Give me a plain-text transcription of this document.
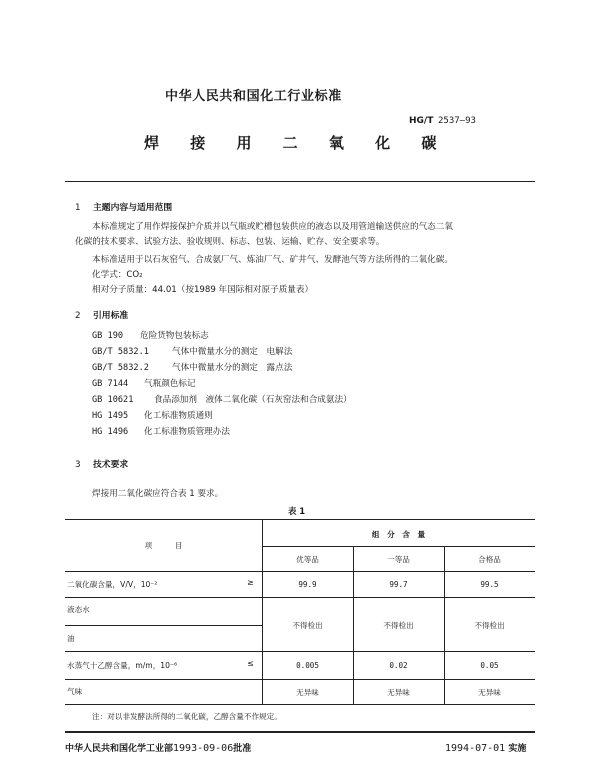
中华人民共和国化工行业标准
HG/T 2537—93
焊 接 用 二 氧 化 碳
1 主题内容与适用范围
本标准规定了用作焊接保护介质并以气瓶或贮槽包装供应的液态以及用管道输送供应的气态二氧
化碳的技术要求、试验方法、验收规则、标志、包装、运输、贮存、安全要求等。
本标准适用于以石灰窑气、合成氨厂气、炼油厂气、矿井气、发酵池气等方法所得的二氧化碳。
化学式：CO₂
相对分子质量：44.01（按1989 年国际相对原子质量表）
2 引用标准
GB 190 危险货物包装标志
GB/T 5832.1	气体中微量水分的测定　电解法
GB/T 5832.2	气体中微量水分的测定　露点法
GB 7144 气瓶颜色标记
GB 10621 食品添加剂　液体二氧化碳（石灰窑法和合成氨法）
HG 1495 化工标准物质通则
HG 1496 化工标准物质管理办法
3 技术要求
焊接用二氧化碳应符合表 1 要求。
表 1
项　　　目
组　分　含　量
优等品	一等品	合格品
二氧化碳含量，V/V，10⁻²	≥	99.9	99.7	99.5
液态水
油
不得检出	不得检出	不得检出
水蒸气十乙醇含量，m/m，10⁻⁶	≤	0.005	0.02	0.05
气味	无异味	无异味	无异味
注：对以非发酵法所得的二氧化碳，乙醇含量不作规定。
中华人民共和国化学工业部1993-09-06批准	1994-07-01 实施
